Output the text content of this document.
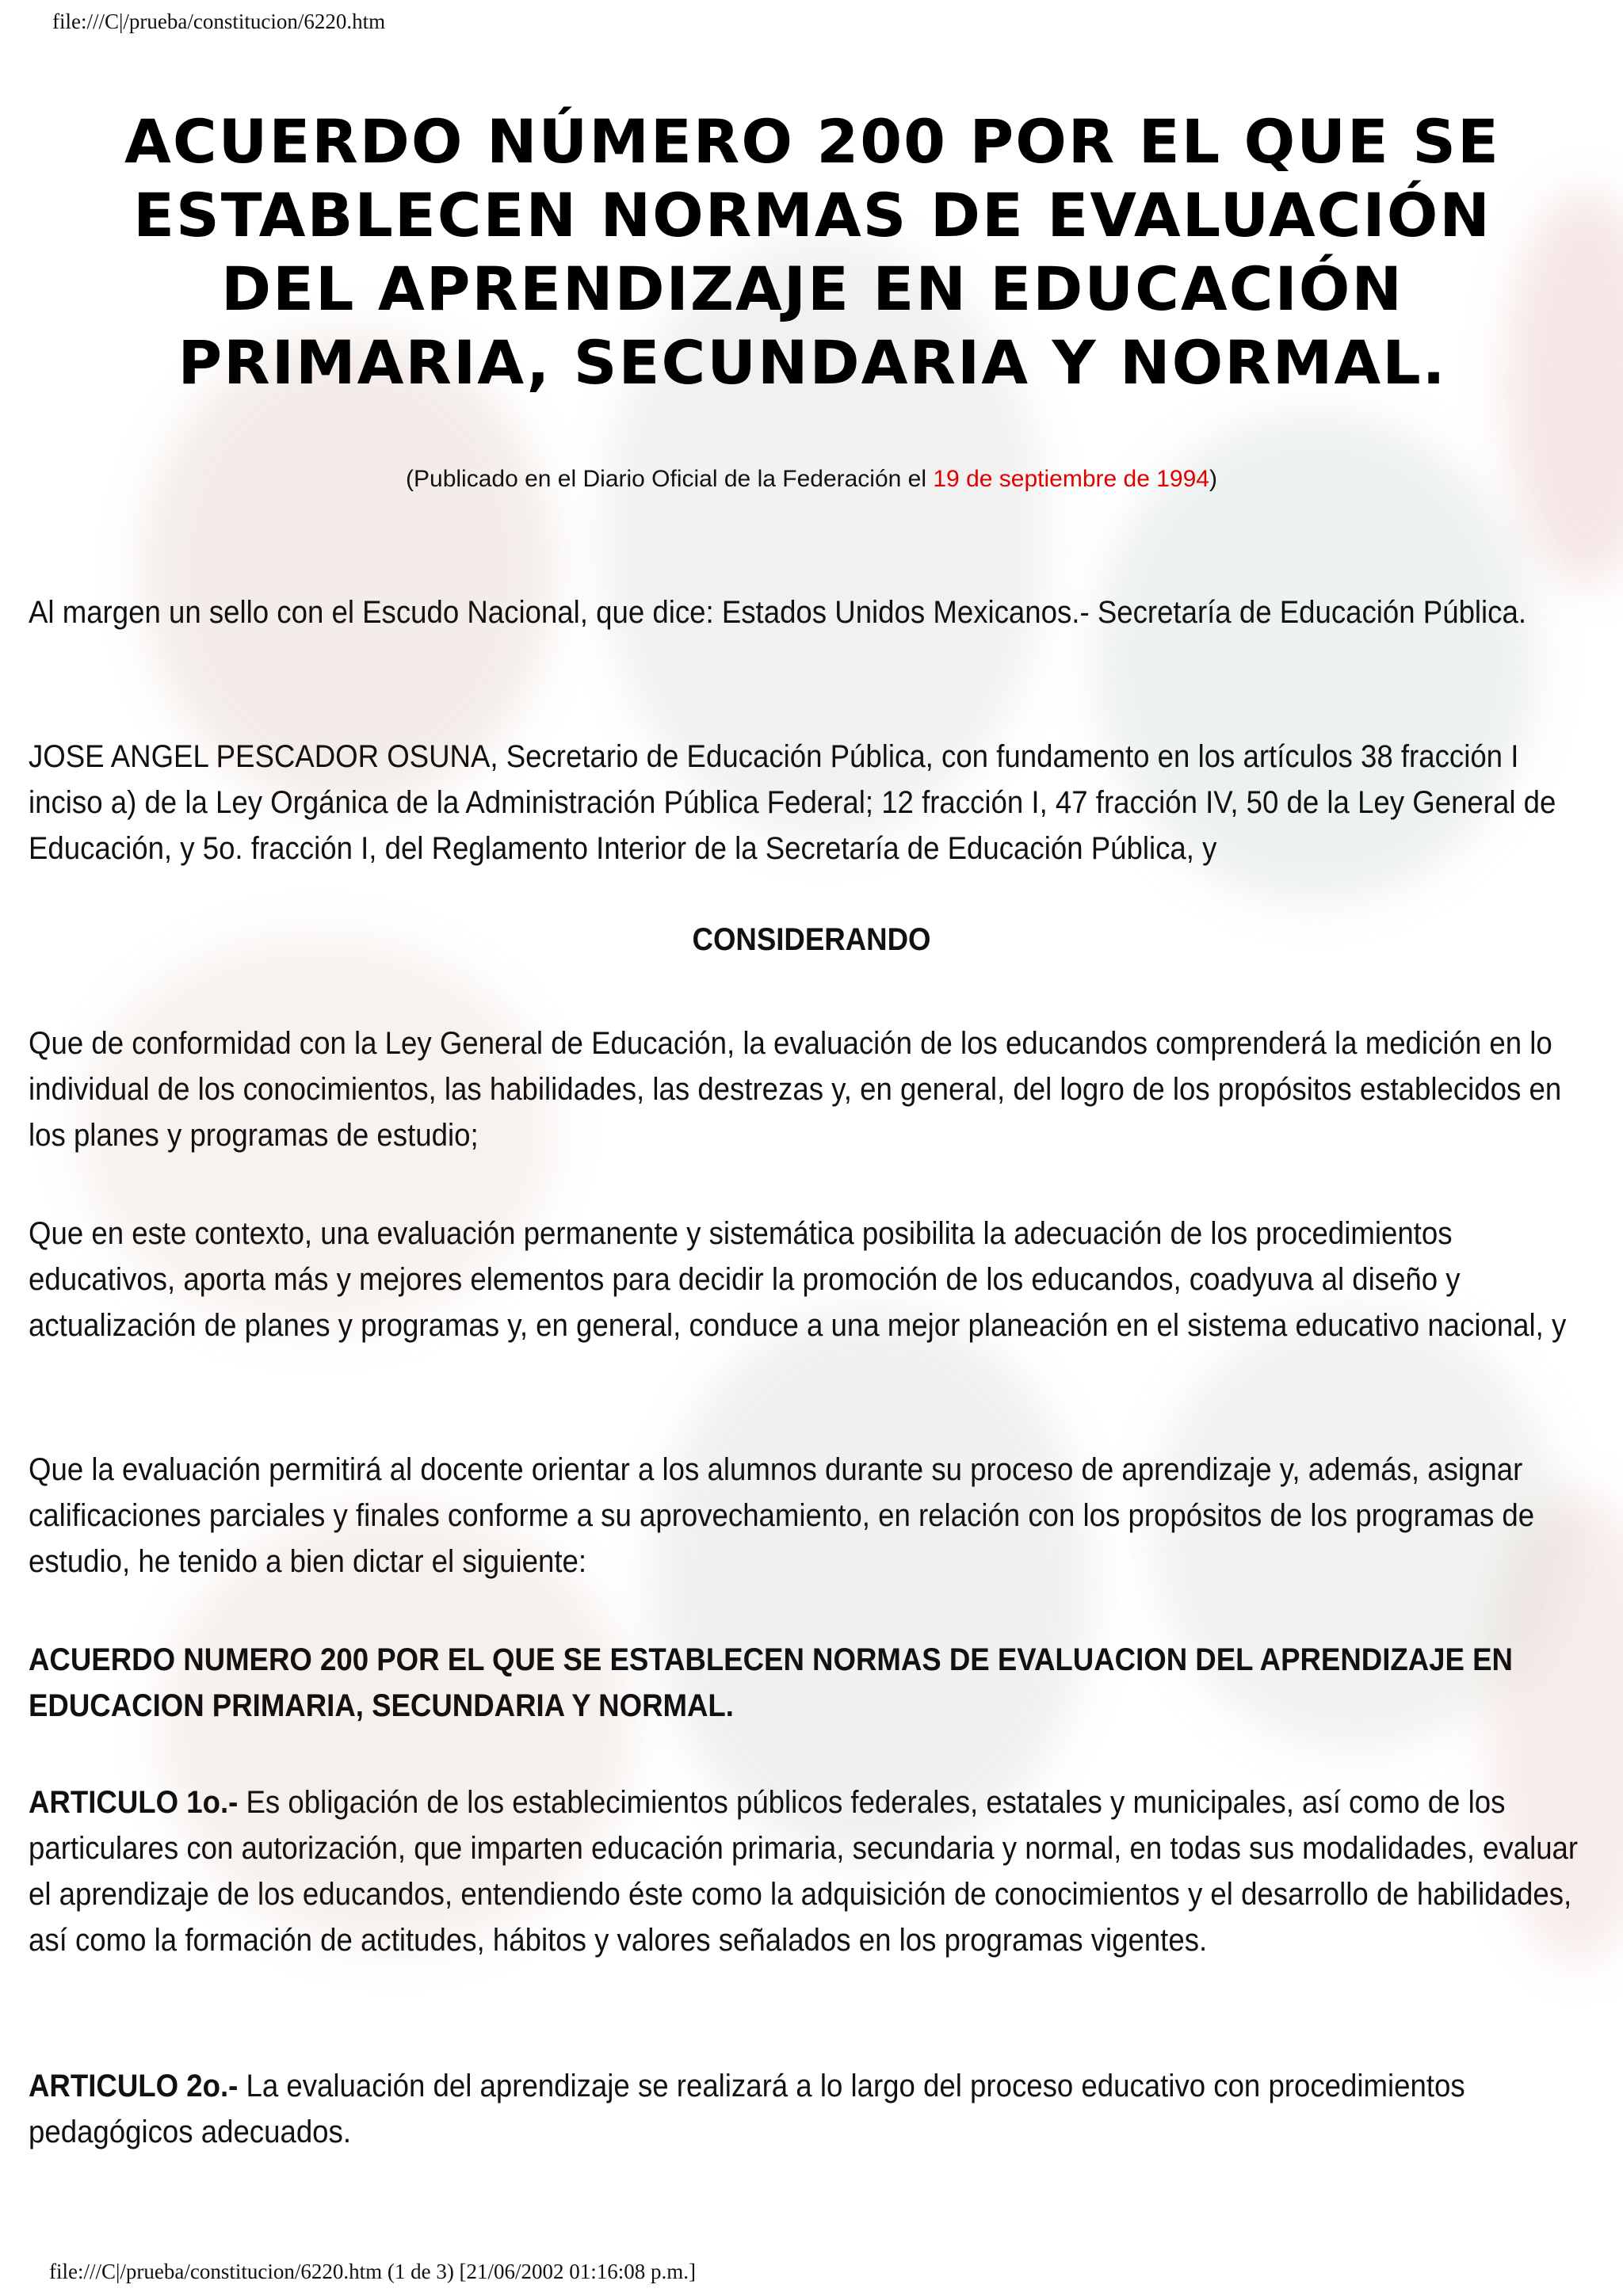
file:///C|/prueba/constitucion/6220.htm
ACUERDO NÚMERO 200 POR EL QUE SE
ESTABLECEN NORMAS DE EVALUACIÓN
DEL APRENDIZAJE EN EDUCACIÓN
PRIMARIA, SECUNDARIA Y NORMAL.
(Publicado en el Diario Oficial de la Federación el 19 de septiembre de 1994)
Al margen un sello con el Escudo Nacional, que dice: Estados Unidos Mexicanos.- Secretaría de Educación Pública.
JOSE ANGEL PESCADOR OSUNA, Secretario de Educación Pública, con fundamento en los artículos 38 fracción I inciso a) de la Ley Orgánica de la Administración Pública Federal; 12 fracción I, 47 fracción IV, 50 de la Ley General de Educación, y 5o. fracción I, del Reglamento Interior de la Secretaría de Educación Pública, y
CONSIDERANDO
Que de conformidad con la Ley General de Educación, la evaluación de los educandos comprenderá la medición en lo individual de los conocimientos, las habilidades, las destrezas y, en general, del logro de los propósitos establecidos en los planes y programas de estudio;
Que en este contexto, una evaluación permanente y sistemática posibilita la adecuación de los procedimientos educativos, aporta más y mejores elementos para decidir la promoción de los educandos, coadyuva al diseño y actualización de planes y programas y, en general, conduce a una mejor planeación en el sistema educativo nacional, y
Que la evaluación permitirá al docente orientar a los alumnos durante su proceso de aprendizaje y, además, asignar calificaciones parciales y finales conforme a su aprovechamiento, en relación con los propósitos de los programas de estudio, he tenido a bien dictar el siguiente:
ACUERDO NUMERO 200 POR EL QUE SE ESTABLECEN NORMAS DE EVALUACION DEL APRENDIZAJE EN EDUCACION PRIMARIA, SECUNDARIA Y NORMAL.
ARTICULO 1o.- Es obligación de los establecimientos públicos federales, estatales y municipales, así como de los particulares con autorización, que imparten educación primaria, secundaria y normal, en todas sus modalidades, evaluar el aprendizaje de los educandos, entendiendo éste como la adquisición de conocimientos y el desarrollo de habilidades, así como la formación de actitudes, hábitos y valores señalados en los programas vigentes.
ARTICULO 2o.- La evaluación del aprendizaje se realizará a lo largo del proceso educativo con procedimientos pedagógicos adecuados.
file:///C|/prueba/constitucion/6220.htm (1 de 3) [21/06/2002 01:16:08 p.m.]
